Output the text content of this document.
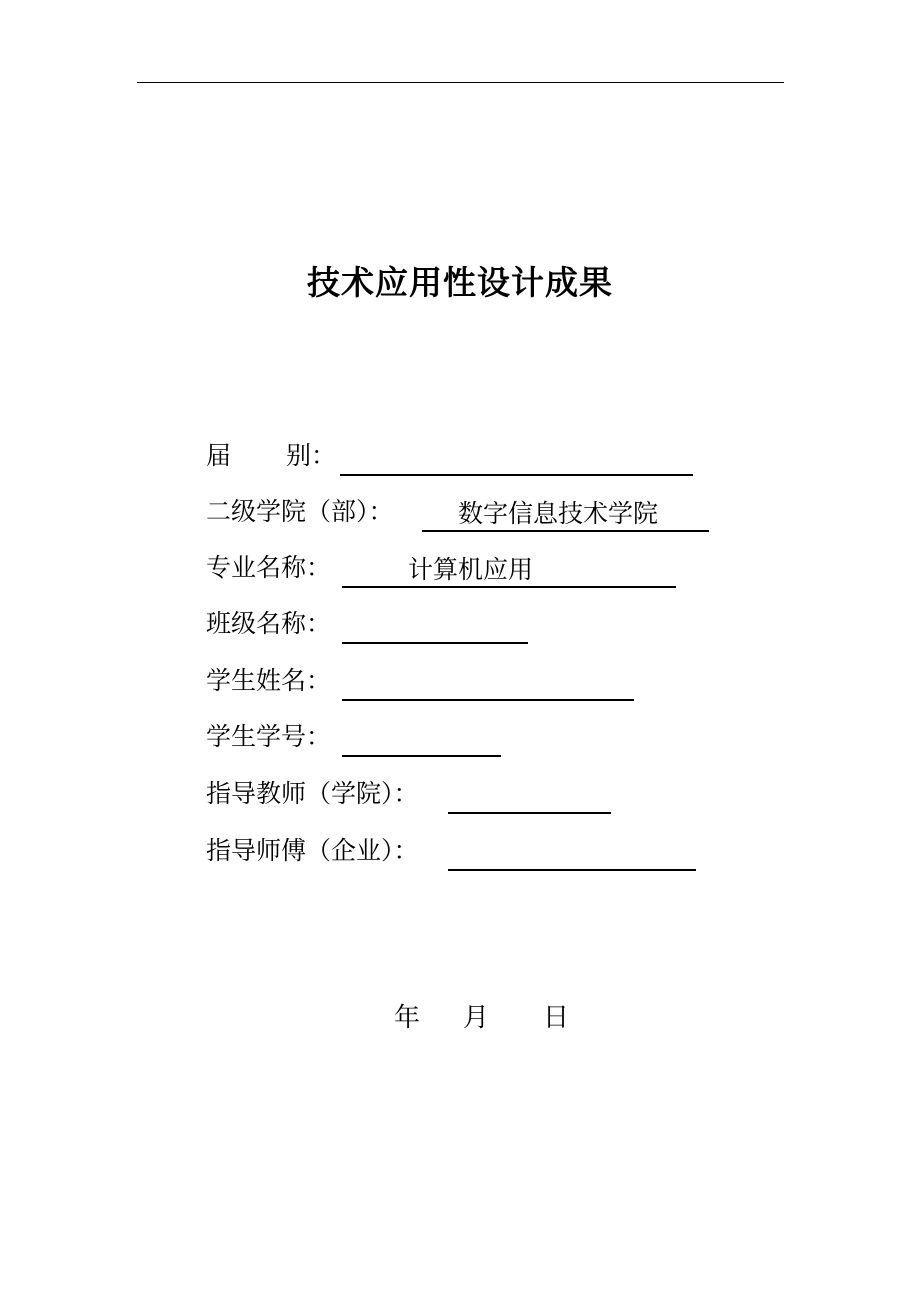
技术应用性设计成果
届	别：
二级学院（部）：	数字信息技术学院
专业名称：	计算机应用
班级名称：
学生姓名：
学生学号：
指导教师（学院）：
指导师傅（企业）：
年 月 日
